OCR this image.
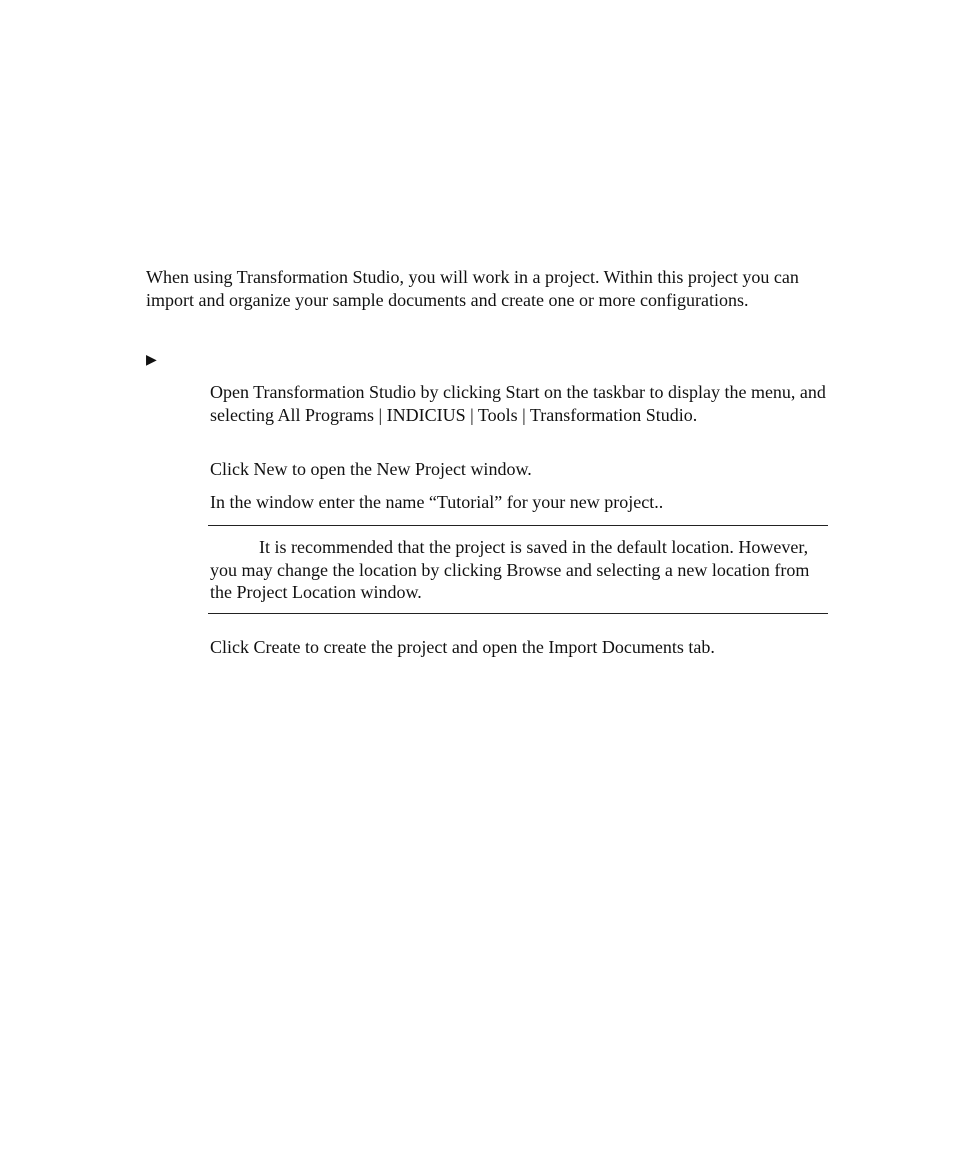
When using Transformation Studio, you will work in a project. Within this project you can import and organize your sample documents and create one or more configurations.

▶

Open Transformation Studio by clicking Start on the taskbar to display the menu, and selecting All Programs | INDICIUS | Tools | Transformation Studio.

Click New to open the New Project window.

In the window enter the name “Tutorial” for your new project..

It is recommended that the project is saved in the default location. However, you may change the location by clicking Browse and selecting a new location from the Project Location window.

Click Create to create the project and open the Import Documents tab.
